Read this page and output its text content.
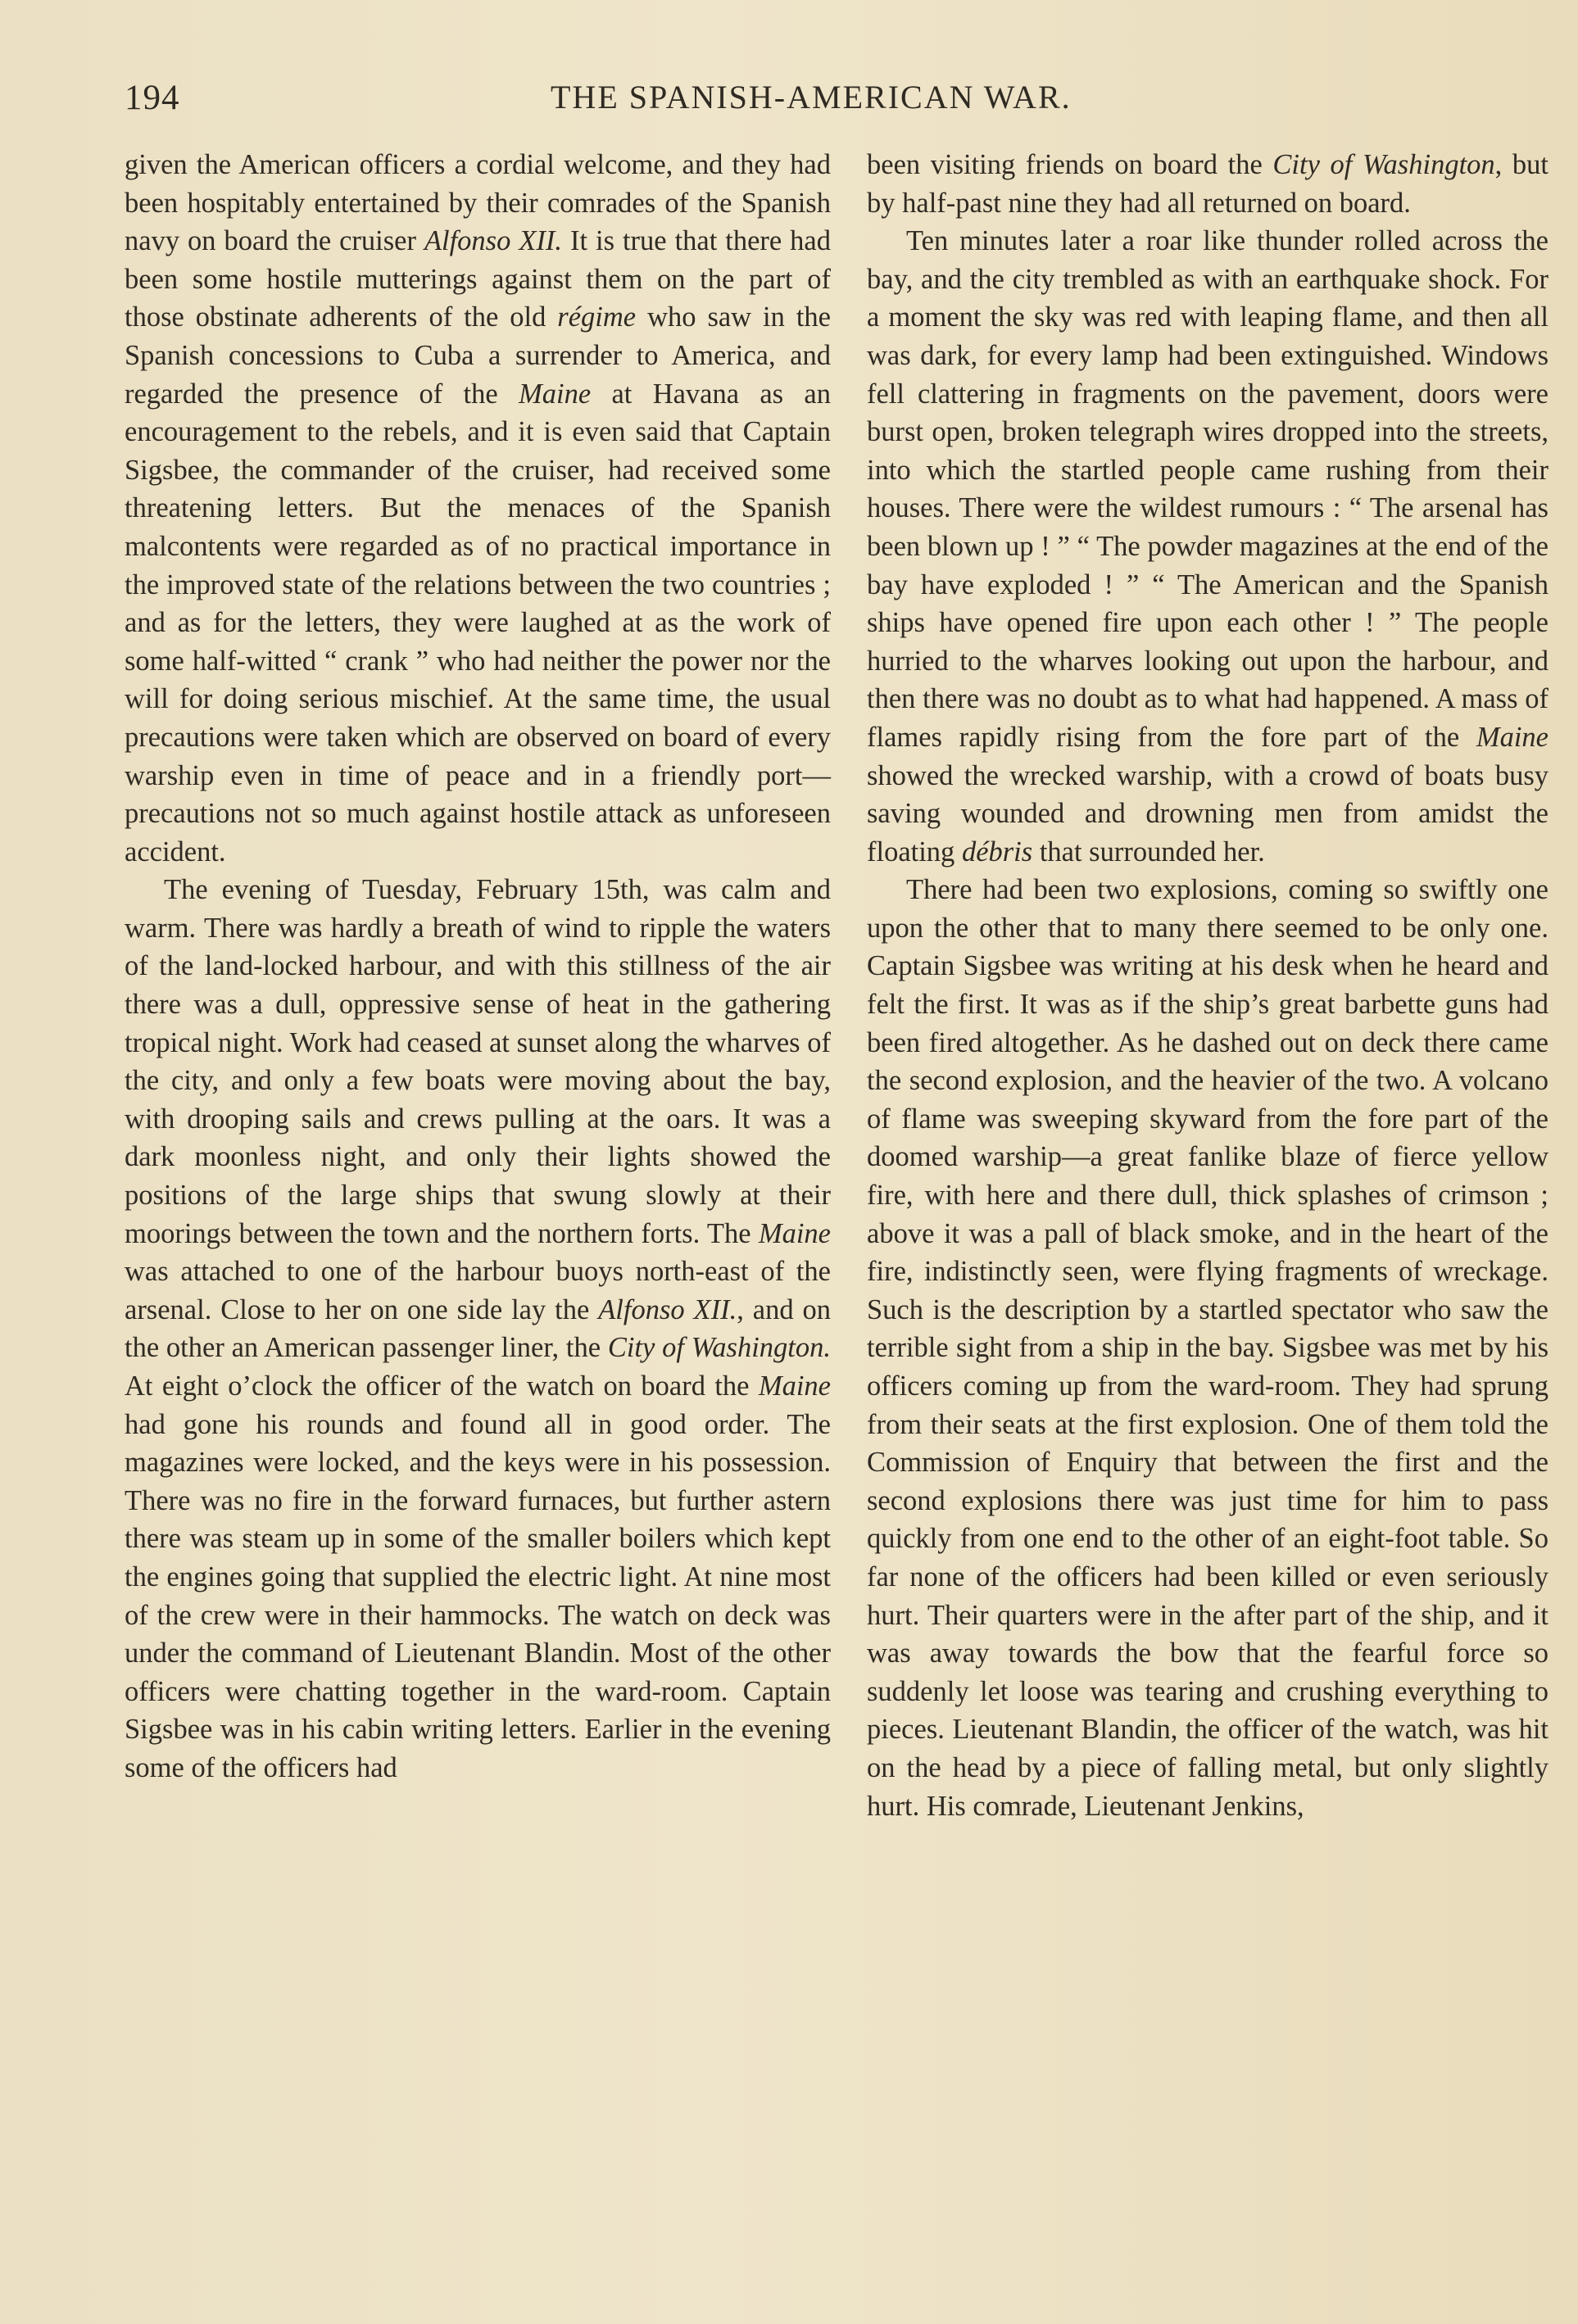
194	THE SPANISH-AMERICAN WAR.

given the American officers a cordial welcome, and they had been hospitably entertained by their comrades of the Spanish navy on board the cruiser Alfonso XII. It is true that there had been some hostile mutterings against them on the part of those obstinate adherents of the old régime who saw in the Spanish concessions to Cuba a surrender to America, and regarded the presence of the Maine at Havana as an encouragement to the rebels, and it is even said that Captain Sigsbee, the commander of the cruiser, had received some threatening letters. But the menaces of the Spanish malcontents were regarded as of no practical importance in the improved state of the relations between the two countries ; and as for the letters, they were laughed at as the work of some half-witted “ crank ” who had neither the power nor the will for doing serious mischief. At the same time, the usual precautions were taken which are observed on board of every warship even in time of peace and in a friendly port—precautions not so much against hostile attack as unforeseen accident.

The evening of Tuesday, February 15th, was calm and warm. There was hardly a breath of wind to ripple the waters of the land-locked harbour, and with this stillness of the air there was a dull, oppressive sense of heat in the gathering tropical night. Work had ceased at sunset along the wharves of the city, and only a few boats were moving about the bay, with drooping sails and crews pulling at the oars. It was a dark moonless night, and only their lights showed the positions of the large ships that swung slowly at their moorings between the town and the northern forts. The Maine was attached to one of the harbour buoys north-east of the arsenal. Close to her on one side lay the Alfonso XII., and on the other an American passenger liner, the City of Washington. At eight o’clock the officer of the watch on board the Maine had gone his rounds and found all in good order. The magazines were locked, and the keys were in his possession. There was no fire in the forward furnaces, but further astern there was steam up in some of the smaller boilers which kept the engines going that supplied the electric light. At nine most of the crew were in their hammocks. The watch on deck was under the command of Lieutenant Blandin. Most of the other officers were chatting together in the ward-room. Captain Sigsbee was in his cabin writing letters. Earlier in the evening some of the officers had

been visiting friends on board the City of Washington, but by half-past nine they had all returned on board.

Ten minutes later a roar like thunder rolled across the bay, and the city trembled as with an earthquake shock. For a moment the sky was red with leaping flame, and then all was dark, for every lamp had been extinguished. Windows fell clattering in fragments on the pavement, doors were burst open, broken telegraph wires dropped into the streets, into which the startled people came rushing from their houses. There were the wildest rumours : “ The arsenal has been blown up ! ” “ The powder magazines at the end of the bay have exploded ! ” “ The American and the Spanish ships have opened fire upon each other ! ” The people hurried to the wharves looking out upon the harbour, and then there was no doubt as to what had happened. A mass of flames rapidly rising from the fore part of the Maine showed the wrecked warship, with a crowd of boats busy saving wounded and drowning men from amidst the floating débris that surrounded her.

There had been two explosions, coming so swiftly one upon the other that to many there seemed to be only one. Captain Sigsbee was writing at his desk when he heard and felt the first. It was as if the ship’s great barbette guns had been fired altogether. As he dashed out on deck there came the second explosion, and the heavier of the two. A volcano of flame was sweeping skyward from the fore part of the doomed warship—a great fanlike blaze of fierce yellow fire, with here and there dull, thick splashes of crimson ; above it was a pall of black smoke, and in the heart of the fire, indistinctly seen, were flying fragments of wreckage. Such is the description by a startled spectator who saw the terrible sight from a ship in the bay. Sigsbee was met by his officers coming up from the ward-room. They had sprung from their seats at the first explosion. One of them told the Commission of Enquiry that between the first and the second explosions there was just time for him to pass quickly from one end to the other of an eight-foot table. So far none of the officers had been killed or even seriously hurt. Their quarters were in the after part of the ship, and it was away towards the bow that the fearful force so suddenly let loose was tearing and crushing everything to pieces. Lieutenant Blandin, the officer of the watch, was hit on the head by a piece of falling metal, but only slightly hurt. His comrade, Lieutenant Jenkins,
